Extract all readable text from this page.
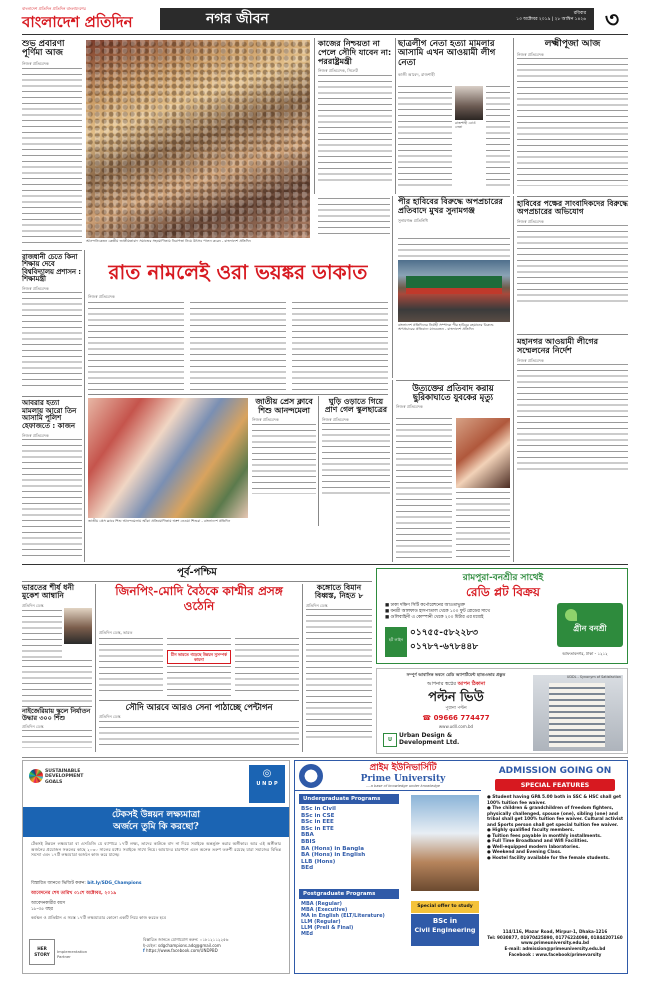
বাংলাদেশ প্রতিদিন প্রতিদিন বাংলাদেশের
বাংলাদেশ প্রতিদিন	নগর জীবন	রবিবার
১৩ অক্টোবর ২০১৯ | ২৮ আশ্বিন ১৪২৬ ৩
শুভ প্রবারণা পূর্ণিমা আজ
নিজস্ব প্রতিবেদক
আনন্দনিকেতন কেন্দ্রীয় জাতীয়তাবাদ সমাজের সহযোগিতায় নিরাপত্তা নিয়ে উৎসব পালন করেন - বাংলাদেশ প্রতিদিন
কাজের নিশ্চয়তা না পেলে সৌদি যাবেন না: পররাষ্ট্রমন্ত্রী
নিজস্ব প্রতিবেদক, সিলেট
ছাত্রলীগ নেতা হত্যা মামলার আসামি এখন আওয়ামী লীগ নেতা
কাজী আবেদ, রাজশাহী
রাজশাহী বোর্ড নেতা
লক্ষ্মীপূজা আজ
নিজস্ব প্রতিবেদক
রাজধানী চেতে কিনা শিক্ষায় দেবে বিশ্ববিদ্যালয় প্রশাসন : শিক্ষামন্ত্রী
নিজস্ব প্রতিবেদক
আবরার হত্যা মামলায় আরো তিন আসামি পুলিশ হেফাজতে : কাজন
নিজস্ব প্রতিবেদক
রাত নামলেই ওরা ভয়ঙ্কর ডাকাত
নিজস্ব প্রতিবেদক
পীর হাবিবের বিরুদ্ধে অপপ্রচারের প্রতিবাদে মুখর সুনামগঞ্জ
সুনামগঞ্জ প্রতিনিধি
বাংলাদেশ প্রতিদিনের নির্বাহী সম্পাদক পীর হাবিবুর রহমানের বিরুদ্ধে অপপ্রচারের প্রতিবাদে মানববন্ধন - বাংলাদেশ প্রতিদিন
হাবিবের পক্ষের সাংবাদিকদের বিরুদ্ধে অপপ্রচারের অভিযোগ
নিজস্ব প্রতিবেদক
মহানগর আওয়ামী লীগের সম্মেলনের নির্দেশ
নিজস্ব প্রতিবেদক
জাতীয় প্রেস ক্লাবে শিশু আনন্দমেলায় আঁকা প্রতিযোগিতায় অংশ নেওয়া শিশুরা - বাংলাদেশ প্রতিদিন
জাতীয় প্রেস ক্লাবে শিশু আনন্দমেলা
নিজস্ব প্রতিবেদক
ঘুড়ি ওড়াতে গিয়ে প্রাণ গেল স্কুলছাত্রের
নিজস্ব প্রতিবেদক
উত্যক্তের প্রতিবাদ করায় ছুরিকাঘাতে যুবকের মৃত্যু
নিজস্ব প্রতিবেদক
পূর্ব-পশ্চিম
ভারতের শীর্ষ ধনী মুকেশ আম্বানি
প্রতিদিন ডেস্ক
নাইজেরিয়ায় স্কুলে নির্যাতন উদ্ধার ৩০০ শিশু
প্রতিদিন ডেস্ক
জিনপিং-মোদি বৈঠকে কাশ্মীর প্রসঙ্গ ওঠেনি
প্রতিদিন ডেস্ক, ভারত
চীন ভারতে গড়েছে উন্নয়ন সুসম্পর্ক কামনা
সৌদি আরবে আরও সেনা পাঠাচ্ছে পেন্টাগন
প্রতিদিন ডেস্ক
কঙ্গোতে বিমান বিধ্বস্ত, নিহত ৮
প্রতিদিন ডেস্ক
রামপুরা-বনশ্রীর সাথেই
রেডি প্লট বিক্রয়
■ ঢাকা দক্ষিণ সিটি কর্পোরেশনের আওতাভুক্ত
■ বনশ্রী আলফাড হাসপাতাল থেকে ১০০ ফুট রোডের সাথে
■ গুলিবাহিনী এ কোম্পানী থেকে ২০০ মিটার এর মধ্যেই
হট লাইন
০১৭৫৫-৫৮২২৮৩
০১৭৮৭-৬৭৮৪৪৮
গ্রীন বনশ্রী
আফতাবনগর, ঢাকা - ১২১২
সম্পূর্ণ আবাসিক ভবনে রেডি অ্যাপার্টমেন্ট হ্যান্ডওভার প্রস্তুত
আপনার স্বপ্নের আপন ঠিকানা
পল্টন ভিউ
পুরানা পল্টন
☎ 09666 774477
www.udll.com.bd
U
Urban Design &
Development Ltd.
UDDL - Synonym of Satisfaction
SUSTAINABLE
DEVELOPMENT
GOALS
◎
U N D P
টেকসই উন্নয়ন লক্ষ্যমাত্রা
অর্জনে তুমি কি করছো?
টেকসই উন্নয়ন লক্ষ্যমাত্রা বা এসডিজি যে ব্যাপারে ১৭টি লক্ষ্য, তাদের কাউকে বাদ না দিয়ে সবাইকে অন্তর্ভুক্ত করার অঙ্গীকার। আর এই অঙ্গীকার অর্জনের প্রয়োজন সকলের কাছে ২০৩০ সালের মধ্যে। সবাইকে সাথে নিয়ে। আমাদের চারপাশে এমন অনেক তরুণ তরুণী রয়েছে যারা সমাজের বিভিন্ন সমস্যা এবং ১৭টি লক্ষ্যমাত্রা অর্জনে কাজ করে যাচ্ছে।
বিস্তারিত জানতে ভিজিট করুন: bit.ly/SDG_Champions
আবেদনের শেষ তারিখ ৩১শে অক্টোবর, ২০১৯
আবেদনকারীর বয়স
১৮-৩৫ বছর
কর্মস্থল ও প্রতিষ্ঠান এ সমস্ত ১৭টি লক্ষ্যমাত্রার কোনো একটি নিয়ে কাজ করতে হবে
HER STORY
Implementation Partner
বিস্তারিত জানতে যোগাযোগ করুন: ০১৮১২১১২২৫৬
ই-মেইল: sdgchampions.adq@gmail.com
f https://www.facebook.com/UNDPBD
প্রাইম ইউনিভার্সিটি
Prime University
....a base of knowledge under knowledge
Undergraduate Programs
BSc in Civil
BSc in CSE
BSc in EEE
BSc in ETE
BBA
BBIS
BA (Hons) in Bangla
BA (Hons) in English
LLB (Hons)
BEd
Postgraduate Programs
MBA (Regular)
MBA (Executive)
MA in English (ELT/Literature)
LLM (Regular)
LLM (Preli & Final)
MEd
Special offer to study
BSc in
Civil Engineering
ADMISSION GOING ON
SPECIAL FEATURES
● Student having GPA 5.00 both in SSC & HSC shall get 100% tuition fee waiver.
● The children & grandchildren of freedom fighters, physically challenged, spouse (one), sibling (one) and tribal shall get 100% tuition fee waiver. Cultural activist and Sports person shall get special tuition fee waiver.
● Highly qualified faculty members.
● Tuition fees payable in monthly installments.
● Full Time Broadband and Wifi Facilities.
● Well-equipped modern laboratories.
● Weekend and Evening Class.
● Hostel facility available for the female students.
114/116, Mazar Road, Mirpur-1, Dhaka-1216
Tel: 9030877, 01970425890, 01776224098, 01844207160
www.primeuniversity.edu.bd
E-mail: admission@primeuniversity.edu.bd
Facebook : www.facebook/primevarsity
